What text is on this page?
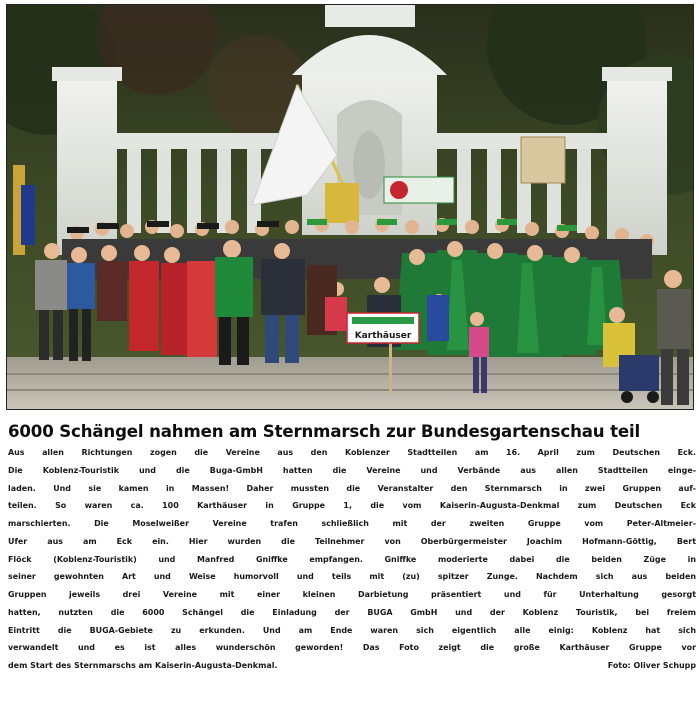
Karthäuser
6000 Schängel nahmen am Sternmarsch zur Bundesgartenschau teil
Aus allen Richtungen zogen die Vereine aus den Koblenzer Stadtteilen am 16. April zum Deutschen Eck.
Die Koblenz-Touristik und die Buga-GmbH hatten die Vereine und Verbände aus allen Stadtteilen einge-
laden. Und sie kamen in Massen! Daher mussten die Veranstalter den Sternmarsch in zwei Gruppen auf-
teilen. So waren ca. 100 Karthäuser in Gruppe 1, die vom Kaiserin-Augusta-Denkmal zum Deutschen Eck
marschierten. Die Moselweißer Vereine trafen schließlich mit der zweiten Gruppe vom Peter-Altmeier-
Ufer aus am Eck ein. Hier wurden die Teilnehmer von Oberbürgermeister Joachim Hofmann-Göttig, Bert
Flöck (Koblenz-Touristik) und Manfred Gniffke empfangen. Gniffke moderierte dabei die beiden Züge in
seiner gewohnten Art und Weise humorvoll und teils mit (zu) spitzer Zunge. Nachdem sich aus beiden
Gruppen jeweils drei Vereine mit einer kleinen Darbietung präsentiert und für Unterhaltung gesorgt
hatten, nutzten die 6000 Schängel die Einladung der BUGA GmbH und der Koblenz Touristik, bei freiem
Eintritt die BUGA-Gebiete zu erkunden. Und am Ende waren sich eigentlich alle einig: Koblenz hat sich
verwandelt und es ist alles wunderschön geworden! Das Foto zeigt die große Karthäuser Gruppe vor
dem Start des Sternmarschs am Kaiserin-Augusta-Denkmal.	Foto: Oliver Schupp
